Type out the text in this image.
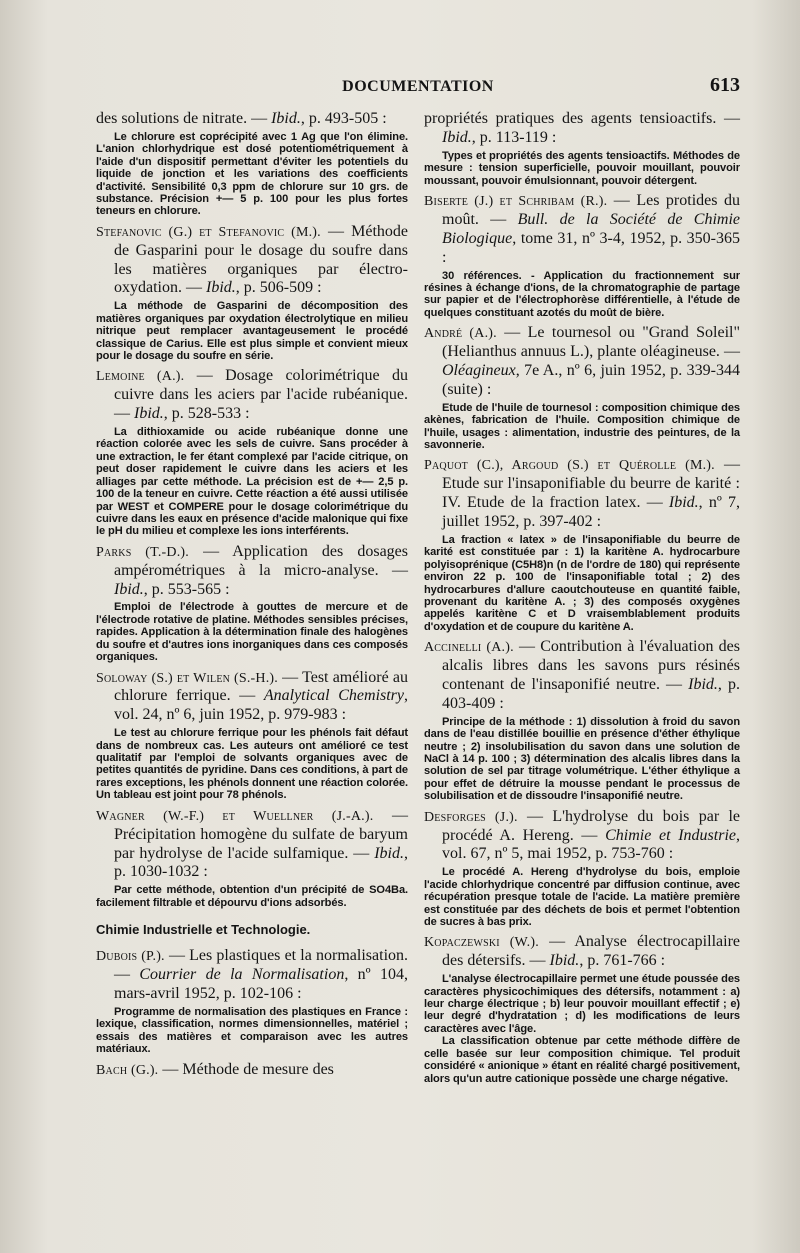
DOCUMENTATION	613
des solutions de nitrate. — Ibid., p. 493-505 :

Le chlorure est coprécipité avec 1 Ag que l'on élimine. L'anion chlorhydrique est dosé potentiométriquement à l'aide d'un dispositif permettant d'éviter les potentiels du liquide de jonction et les variations des coefficients d'activité. Sensibilité 0,3 ppm de chlorure sur 10 grs. de substance. Précision +— 5 p. 100 pour les plus fortes teneurs en chlorure.

Stefanovic (G.) et Stefanovic (M.). — Méthode de Gasparini pour le dosage du soufre dans les matières organiques par électro-oxydation. — Ibid., p. 506-509 :

La méthode de Gasparini de décomposition des matières organiques par oxydation électrolytique en milieu nitrique peut remplacer avantageusement le procédé classique de Carius. Elle est plus simple et convient mieux pour le dosage du soufre en série.

Lemoine (A.). — Dosage colorimétrique du cuivre dans les aciers par l'acide rubéanique. — Ibid., p. 528-533 :

La dithioxamide ou acide rubéanique donne une réaction colorée avec les sels de cuivre. Sans procéder à une extraction, le fer étant complexé par l'acide citrique, on peut doser rapidement le cuivre dans les aciers et les alliages par cette méthode. La précision est de +— 2,5 p. 100 de la teneur en cuivre. Cette réaction a été aussi utilisée par WEST et COMPERE pour le dosage colorimétrique du cuivre dans les eaux en présence d'acide malonique qui fixe le pH du milieu et complexe les ions interférents.

Parks (T.-D.). — Application des dosages ampérométriques à la micro-analyse. — Ibid., p. 553-565 :

Emploi de l'électrode à gouttes de mercure et de l'électrode rotative de platine. Méthodes sensibles précises, rapides. Application à la détermination finale des halogènes du soufre et d'autres ions inorganiques dans ces composés organiques.

Soloway (S.) et Wilen (S.-H.). — Test amélioré au chlorure ferrique. — Analytical Chemistry, vol. 24, nº 6, juin 1952, p. 979-983 :

Le test au chlorure ferrique pour les phénols fait défaut dans de nombreux cas. Les auteurs ont amélioré ce test qualitatif par l'emploi de solvants organiques avec de petites quantités de pyridine. Dans ces conditions, à part de rares exceptions, les phénols donnent une réaction colorée. Un tableau est joint pour 78 phénols.

Wagner (W.-F.) et Wuellner (J.-A.). — Précipitation homogène du sulfate de baryum par hydrolyse de l'acide sulfamique. — Ibid., p. 1030-1032 :

Par cette méthode, obtention d'un précipité de SO4Ba. facilement filtrable et dépourvu d'ions adsorbés.

Chimie Industrielle et Technologie.
Dubois (P.). — Les plastiques et la normalisation. — Courrier de la Normalisation, nº 104, mars-avril 1952, p. 102-106 :

Programme de normalisation des plastiques en France : lexique, classification, normes dimensionnelles, matériel ; essais des matières et comparaison avec les autres matériaux.

Bach (G.). — Méthode de mesure des
propriétés pratiques des agents tensioactifs. — Ibid., p. 113-119 :

Types et propriétés des agents tensioactifs. Méthodes de mesure : tension superficielle, pouvoir mouillant, pouvoir moussant, pouvoir émulsionnant, pouvoir détergent.

Biserte (J.) et Schribam (R.). — Les protides du moût. — Bull. de la Société de Chimie Biologique, tome 31, nº 3-4, 1952, p. 350-365 :

30 références. - Application du fractionnement sur résines à échange d'ions, de la chromatographie de partage sur papier et de l'électrophorèse différentielle, à l'étude de quelques constituant azotés du moût de bière.

André (A.). — Le tournesol ou "Grand Soleil" (Helianthus annuus L.), plante oléagineuse. — Oléagineux, 7e A., nº 6, juin 1952, p. 339-344 (suite) :

Etude de l'huile de tournesol : composition chimique des akènes, fabrication de l'huile. Composition chimique de l'huile, usages : alimentation, industrie des peintures, de la savonnerie.

Paquot (C.), Argoud (S.) et Quérolle (M.). — Etude sur l'insaponifiable du beurre de karité : IV. Etude de la fraction latex. — Ibid., nº 7, juillet 1952, p. 397-402 :

La fraction « latex » de l'insaponifiable du beurre de karité est constituée par : 1) la karitène A. hydrocarbure polyisoprénique (C5H8)n (n de l'ordre de 180) qui représente environ 22 p. 100 de l'insaponifiable total ; 2) des hydrocarbures d'allure caoutchouteuse en quantité faible, provenant du karitène A. ; 3) des composés oxygènes appelés karitène C et D vraisemblablement produits d'oxydation et de coupure du karitène A.

Accinelli (A.). — Contribution à l'évaluation des alcalis libres dans les savons purs résinés contenant de l'insaponifié neutre. — Ibid., p. 403-409 :

Principe de la méthode : 1) dissolution à froid du savon dans de l'eau distillée bouillie en présence d'éther éthylique neutre ; 2) insolubilisation du savon dans une solution de NaCl à 14 p. 100 ; 3) détermination des alcalis libres dans la solution de sel par titrage volumétrique. L'éther éthylique a pour effet de détruire la mousse pendant le processus de solubilisation et de dissoudre l'insaponifié neutre.

Desforges (J.). — L'hydrolyse du bois par le procédé A. Hereng. — Chimie et Industrie, vol. 67, nº 5, mai 1952, p. 753-760 :

Le procédé A. Hereng d'hydrolyse du bois, emploie l'acide chlorhydrique concentré par diffusion continue, avec récupération presque totale de l'acide. La matière première est constituée par des déchets de bois et permet l'obtention de sucres à bas prix.

Kopaczewski (W.). — Analyse électrocapillaire des détersifs. — Ibid., p. 761-766 :

L'analyse électrocapillaire permet une étude poussée des caractères physicochimiques des détersifs, notamment : a) leur charge électrique ; b) leur pouvoir mouillant effectif ; e) leur degré d'hydratation ; d) les modifications de leurs caractères avec l'âge.

La classification obtenue par cette méthode diffère de celle basée sur leur composition chimique. Tel produit considéré « anionique » étant en réalité chargé positivement, alors qu'un autre cationique possède une charge négative.
